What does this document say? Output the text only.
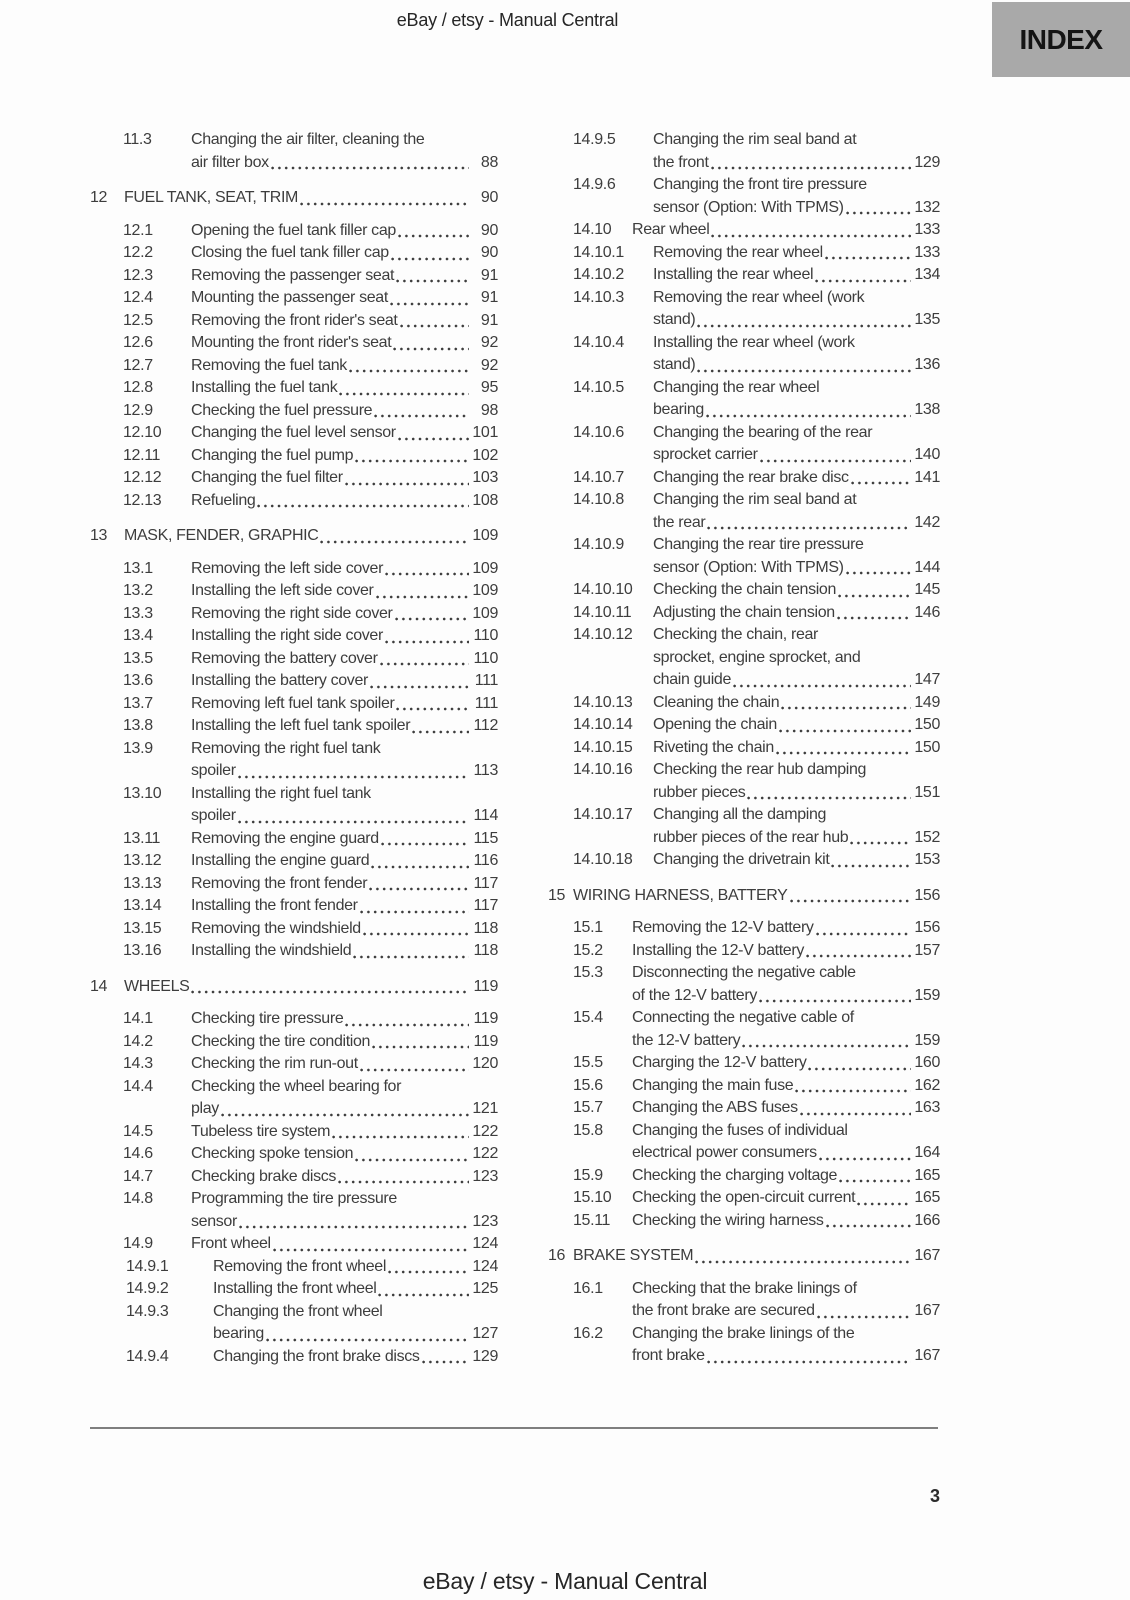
eBay / etsy - Manual Central
INDEX
11.3	Changing the air filter, cleaning the
air filter box	88
12	FUEL TANK, SEAT, TRIM	90
12.1	Opening the fuel tank filler cap	90
12.2	Closing the fuel tank filler cap	90
12.3	Removing the passenger seat	91
12.4	Mounting the passenger seat	91
12.5	Removing the front rider's seat	91
12.6	Mounting the front rider's seat	92
12.7	Removing the fuel tank	92
12.8	Installing the fuel tank	95
12.9	Checking the fuel pressure	98
12.10	Changing the fuel level sensor	101
12.11	Changing the fuel pump	102
12.12	Changing the fuel filter	103
12.13	Refueling	108
13	MASK, FENDER, GRAPHIC	109
13.1	Removing the left side cover	109
13.2	Installing the left side cover	109
13.3	Removing the right side cover	109
13.4	Installing the right side cover	110
13.5	Removing the battery cover	110
13.6	Installing the battery cover	111
13.7	Removing left fuel tank spoiler	111
13.8	Installing the left fuel tank spoiler	112
13.9	Removing the right fuel tank
spoiler	113
13.10	Installing the right fuel tank
spoiler	114
13.11	Removing the engine guard	115
13.12	Installing the engine guard	116
13.13	Removing the front fender	117
13.14	Installing the front fender	117
13.15	Removing the windshield	118
13.16	Installing the windshield	118
14	WHEELS	119
14.1	Checking tire pressure	119
14.2	Checking the tire condition	119
14.3	Checking the rim run-out	120
14.4	Checking the wheel bearing for
play	121
14.5	Tubeless tire system	122
14.6	Checking spoke tension	122
14.7	Checking brake discs	123
14.8	Programming the tire pressure
sensor	123
14.9	Front wheel	124
14.9.1	Removing the front wheel	124
14.9.2	Installing the front wheel	125
14.9.3	Changing the front wheel
bearing	127
14.9.4	Changing the front brake discs	129
14.9.5	Changing the rim seal band at
the front	129
14.9.6	Changing the front tire pressure
sensor (Option: With TPMS)	132
14.10	Rear wheel	133
14.10.1	Removing the rear wheel	133
14.10.2	Installing the rear wheel	134
14.10.3	Removing the rear wheel (work
stand)	135
14.10.4	Installing the rear wheel (work
stand)	136
14.10.5	Changing the rear wheel
bearing	138
14.10.6	Changing the bearing of the rear
sprocket carrier	140
14.10.7	Changing the rear brake disc	141
14.10.8	Changing the rim seal band at
the rear	142
14.10.9	Changing the rear tire pressure
sensor (Option: With TPMS)	144
14.10.10	Checking the chain tension	145
14.10.11	Adjusting the chain tension	146
14.10.12	Checking the chain, rear
sprocket, engine sprocket, and
chain guide	147
14.10.13	Cleaning the chain	149
14.10.14	Opening the chain	150
14.10.15	Riveting the chain	150
14.10.16	Checking the rear hub damping
rubber pieces	151
14.10.17	Changing all the damping
rubber pieces of the rear hub	152
14.10.18	Changing the drivetrain kit	153
15 WIRING HARNESS, BATTERY	156
15.1	Removing the 12-V battery	156
15.2	Installing the 12-V battery	157
15.3	Disconnecting the negative cable
of the 12-V battery	159
15.4	Connecting the negative cable of
the 12-V battery	159
15.5	Charging the 12-V battery	160
15.6	Changing the main fuse	162
15.7	Changing the ABS fuses	163
15.8	Changing the fuses of individual
electrical power consumers	164
15.9	Checking the charging voltage	165
15.10	Checking the open-circuit current	165
15.11	Checking the wiring harness	166
16 BRAKE SYSTEM	167
16.1	Checking that the brake linings of
the front brake are secured	167
16.2	Changing the brake linings of the
front brake	167
3
eBay / etsy - Manual Central
